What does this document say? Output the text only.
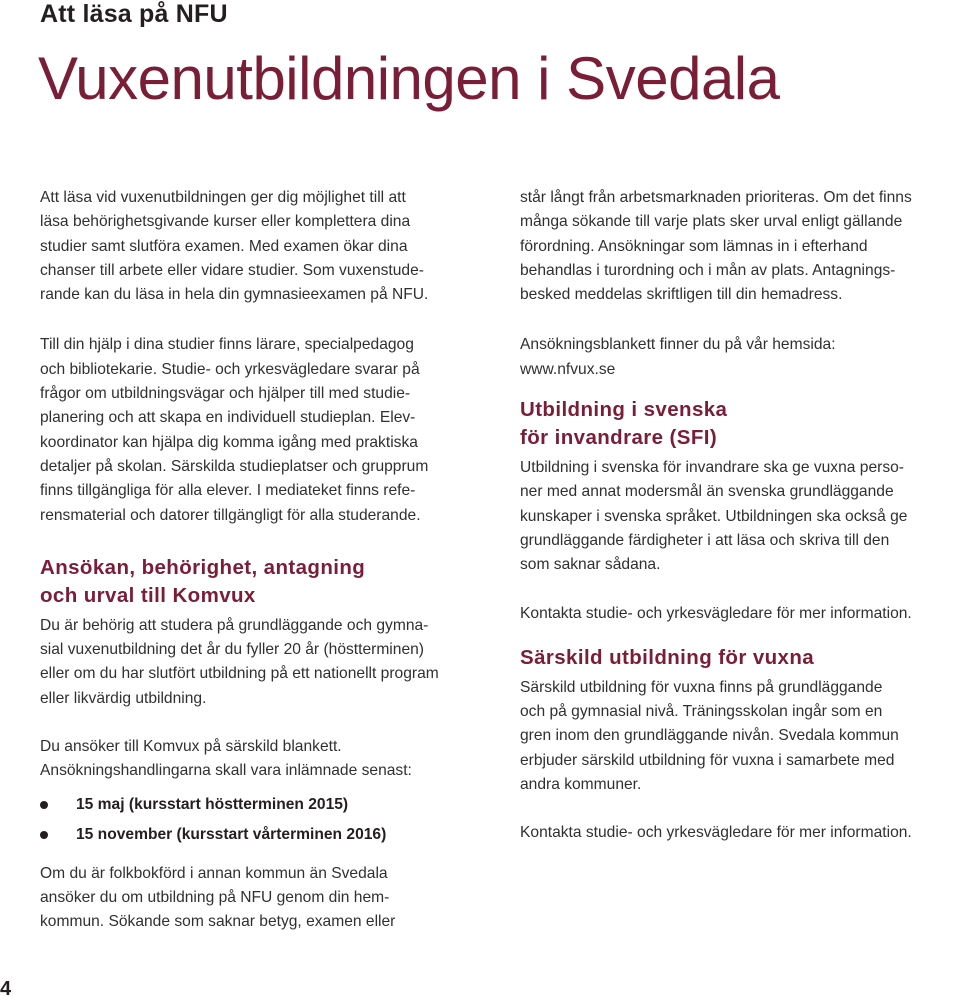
Att läsa på NFU
Vuxenutbildningen i Svedala

Att läsa vid vuxenutbildningen ger dig möjlighet till att
läsa behörighetsgivande kurser eller komplettera dina
studier samt slutföra examen. Med examen ökar dina
chanser till arbete eller vidare studier. Som vuxenstude-
rande kan du läsa in hela din gymnasieexamen på NFU.

Till din hjälp i dina studier finns lärare, specialpedagog
och bibliotekarie. Studie- och yrkesvägledare svarar på
frågor om utbildningsvägar och hjälper till med studie-
planering och att skapa en individuell studieplan. Elev-
koordinator kan hjälpa dig komma igång med praktiska
detaljer på skolan. Särskilda studieplatser och grupprum
finns tillgängliga för alla elever. I mediateket finns refe-
rensmaterial och datorer tillgängligt för alla studerande.

Ansökan, behörighet, antagning
och urval till Komvux

Du är behörig att studera på grundläggande och gymna-
sial vuxenutbildning det år du fyller 20 år (höstterminen)
eller om du har slutfört utbildning på ett nationellt program
eller likvärdig utbildning.

Du ansöker till Komvux på särskild blankett.
Ansökningshandlingarna skall vara inlämnade senast:

15 maj (kursstart höstterminen 2015)
15 november (kursstart vårterminen 2016)

Om du är folkbokförd i annan kommun än Svedala
ansöker du om utbildning på NFU genom din hem-
kommun. Sökande som saknar betyg, examen eller

står långt från arbetsmarknaden prioriteras. Om det finns
många sökande till varje plats sker urval enligt gällande
förordning. Ansökningar som lämnas in i efterhand
behandlas i turordning och i mån av plats. Antagnings-
besked meddelas skriftligen till din hemadress.

Ansökningsblankett finner du på vår hemsida:
www.nfvux.se

Utbildning i svenska
för invandrare (SFI)

Utbildning i svenska för invandrare ska ge vuxna perso-
ner med annat modersmål än svenska grundläggande
kunskaper i svenska språket. Utbildningen ska också ge
grundläggande färdigheter i att läsa och skriva till den
som saknar sådana.

Kontakta studie- och yrkesvägledare för mer information.

Särskild utbildning för vuxna

Särskild utbildning för vuxna finns på grundläggande
och på gymnasial nivå. Träningsskolan ingår som en
gren inom den grundläggande nivån. Svedala kommun
erbjuder särskild utbildning för vuxna i samarbete med
andra kommuner.

Kontakta studie- och yrkesvägledare för mer information.

4
